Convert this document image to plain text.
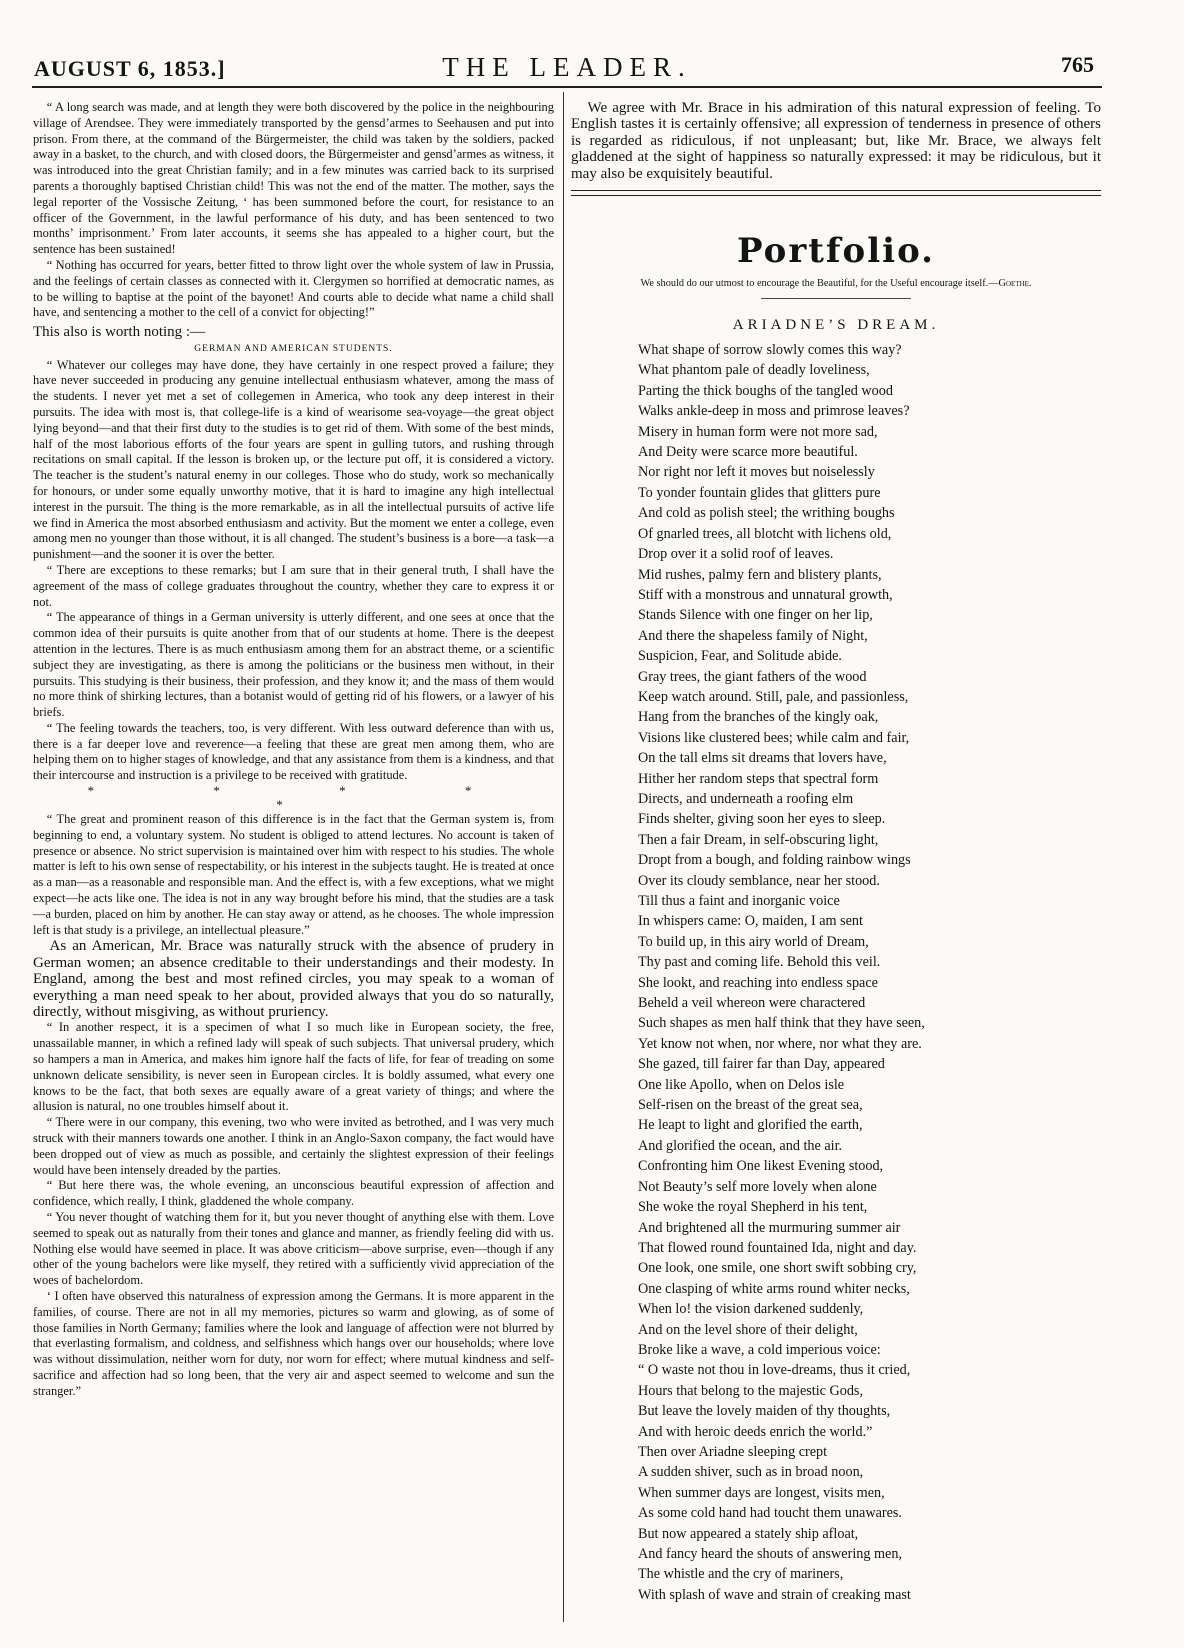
AUGUST 6, 1853.]	THE LEADER.	765

“ A long search was made, and at length they were both discovered by the police in the neighbouring village of Arendsee. They were immediately transported by the gensd’armes to Seehausen and put into prison. From there, at the command of the Bürgermeister, the child was taken by the soldiers, packed away in a basket, to the church, and with closed doors, the Bürgermeister and gensd’armes as witness, it was introduced into the great Christian family; and in a few minutes was carried back to its surprised parents a thoroughly baptised Christian child! This was not the end of the matter. The mother, says the legal reporter of the Vossische Zeitung, ‘ has been summoned before the court, for resistance to an officer of the Government, in the lawful performance of his duty, and has been sentenced to two months’ imprisonment.’ From later accounts, it seems she has appealed to a higher court, but the sentence has been sustained!

“ Nothing has occurred for years, better fitted to throw light over the whole system of law in Prussia, and the feelings of certain classes as connected with it. Clergymen so horrified at democratic names, as to be willing to baptise at the point of the bayonet! And courts able to decide what name a child shall have, and sentencing a mother to the cell of a convict for objecting!”

This also is worth noting :—

GERMAN AND AMERICAN STUDENTS.

“ Whatever our colleges may have done, they have certainly in one respect proved a failure; they have never succeeded in producing any genuine intellectual enthusiasm whatever, among the mass of the students. I never yet met a set of collegemen in America, who took any deep interest in their pursuits. The idea with most is, that college-life is a kind of wearisome sea-voyage—the great object lying beyond—and that their first duty to the studies is to get rid of them. With some of the best minds, half of the most laborious efforts of the four years are spent in gulling tutors, and rushing through recitations on small capital. If the lesson is broken up, or the lecture put off, it is considered a victory. The teacher is the student’s natural enemy in our colleges. Those who do study, work so mechanically for honours, or under some equally unworthy motive, that it is hard to imagine any high intellectual interest in the pursuit. The thing is the more remarkable, as in all the intellectual pursuits of active life we find in America the most absorbed enthusiasm and activity. But the moment we enter a college, even among men no younger than those without, it is all changed. The student’s business is a bore—a task—a punishment—and the sooner it is over the better.

“ There are exceptions to these remarks; but I am sure that in their general truth, I shall have the agreement of the mass of college graduates throughout the country, whether they care to express it or not.

“ The appearance of things in a German university is utterly different, and one sees at once that the common idea of their pursuits is quite another from that of our students at home. There is the deepest attention in the lectures. There is as much enthusiasm among them for an abstract theme, or a scientific subject they are investigating, as there is among the politicians or the business men without, in their pursuits. This studying is their business, their profession, and they know it; and the mass of them would no more think of shirking lectures, than a botanist would of getting rid of his flowers, or a lawyer of his briefs.

“ The feeling towards the teachers, too, is very different. With less outward deference than with us, there is a far deeper love and reverence—a feeling that these are great men among them, who are helping them on to higher stages of knowledge, and that any assistance from them is a kindness, and that their intercourse and instruction is a privilege to be received with gratitude.

* * * * *

“ The great and prominent reason of this difference is in the fact that the German system is, from beginning to end, a voluntary system. No student is obliged to attend lectures. No account is taken of presence or absence. No strict supervision is maintained over him with respect to his studies. The whole matter is left to his own sense of respectability, or his interest in the subjects taught. He is treated at once as a man—as a reasonable and responsible man. And the effect is, with a few exceptions, what we might expect—he acts like one. The idea is not in any way brought before his mind, that the studies are a task—a burden, placed on him by another. He can stay away or attend, as he chooses. The whole impression left is that study is a privilege, an intellectual pleasure.”

As an American, Mr. Brace was naturally struck with the absence of prudery in German women; an absence creditable to their understandings and their modesty. In England, among the best and most refined circles, you may speak to a woman of everything a man need speak to her about, provided always that you do so naturally, directly, without misgiving, as without pruriency.

“ In another respect, it is a specimen of what I so much like in European society, the free, unassailable manner, in which a refined lady will speak of such subjects. That universal prudery, which so hampers a man in America, and makes him ignore half the facts of life, for fear of treading on some unknown delicate sensibility, is never seen in European circles. It is boldly assumed, what every one knows to be the fact, that both sexes are equally aware of a great variety of things; and where the allusion is natural, no one troubles himself about it.

“ There were in our company, this evening, two who were invited as betrothed, and I was very much struck with their manners towards one another. I think in an Anglo-Saxon company, the fact would have been dropped out of view as much as possible, and certainly the slightest expression of their feelings would have been intensely dreaded by the parties.

“ But here there was, the whole evening, an unconscious beautiful expression of affection and confidence, which really, I think, gladdened the whole company.

“ You never thought of watching them for it, but you never thought of anything else with them. Love seemed to speak out as naturally from their tones and glance and manner, as friendly feeling did with us. Nothing else would have seemed in place. It was above criticism—above surprise, even—though if any other of the young bachelors were like myself, they retired with a sufficiently vivid appreciation of the woes of bachelordom.

‘ I often have observed this naturalness of expression among the Germans. It is more apparent in the families, of course. There are not in all my memories, pictures so warm and glowing, as of some of those families in North Germany; families where the look and language of affection were not blurred by that everlasting formalism, and coldness, and selfishness which hangs over our households; where love was without dissimulation, neither worn for duty, nor worn for effect; where mutual kindness and self-sacrifice and affection had so long been, that the very air and aspect seemed to welcome and sun the stranger.”

We agree with Mr. Brace in his admiration of this natural expression of feeling. To English tastes it is certainly offensive; all expression of tenderness in presence of others is regarded as ridiculous, if not unpleasant; but, like Mr. Brace, we always felt gladdened at the sight of happiness so naturally expressed: it may be ridiculous, but it may also be exquisitely beautiful.

Portfolio.
We should do our utmost to encourage the Beautiful, for the Useful encourage itself.—Goethe.
ARIADNE’S DREAM.
What shape of sorrow slowly comes this way?
What phantom pale of deadly loveliness,
Parting the thick boughs of the tangled wood
Walks ankle-deep in moss and primrose leaves?
Misery in human form were not more sad,
And Deity were scarce more beautiful.
Nor right nor left it moves but noiselessly
To yonder fountain glides that glitters pure
And cold as polish steel; the writhing boughs
Of gnarled trees, all blotcht with lichens old,
Drop over it a solid roof of leaves.
Mid rushes, palmy fern and blistery plants,
Stiff with a monstrous and unnatural growth,
Stands Silence with one finger on her lip,
And there the shapeless family of Night,
Suspicion, Fear, and Solitude abide.
Gray trees, the giant fathers of the wood
Keep watch around. Still, pale, and passionless,
Hang from the branches of the kingly oak,
Visions like clustered bees; while calm and fair,
On the tall elms sit dreams that lovers have,
Hither her random steps that spectral form
Directs, and underneath a roofing elm
Finds shelter, giving soon her eyes to sleep.
Then a fair Dream, in self-obscuring light,
Dropt from a bough, and folding rainbow wings
Over its cloudy semblance, near her stood.
Till thus a faint and inorganic voice
In whispers came: O, maiden, I am sent
To build up, in this airy world of Dream,
Thy past and coming life. Behold this veil.
She lookt, and reaching into endless space
Beheld a veil whereon were charactered
Such shapes as men half think that they have seen,
Yet know not when, nor where, nor what they are.
She gazed, till fairer far than Day, appeared
One like Apollo, when on Delos isle
Self-risen on the breast of the great sea,
He leapt to light and glorified the earth,
And glorified the ocean, and the air.
Confronting him One likest Evening stood,
Not Beauty’s self more lovely when alone
She woke the royal Shepherd in his tent,
And brightened all the murmuring summer air
That flowed round fountained Ida, night and day.
One look, one smile, one short swift sobbing cry,
One clasping of white arms round whiter necks,
When lo! the vision darkened suddenly,
And on the level shore of their delight,
Broke like a wave, a cold imperious voice:
“ O waste not thou in love-dreams, thus it cried,
Hours that belong to the majestic Gods,
But leave the lovely maiden of thy thoughts,
And with heroic deeds enrich the world.”
Then over Ariadne sleeping crept
A sudden shiver, such as in broad noon,
When summer days are longest, visits men,
As some cold hand had toucht them unawares.
But now appeared a stately ship afloat,
And fancy heard the shouts of answering men,
The whistle and the cry of mariners,
With splash of wave and strain of creaking mast
